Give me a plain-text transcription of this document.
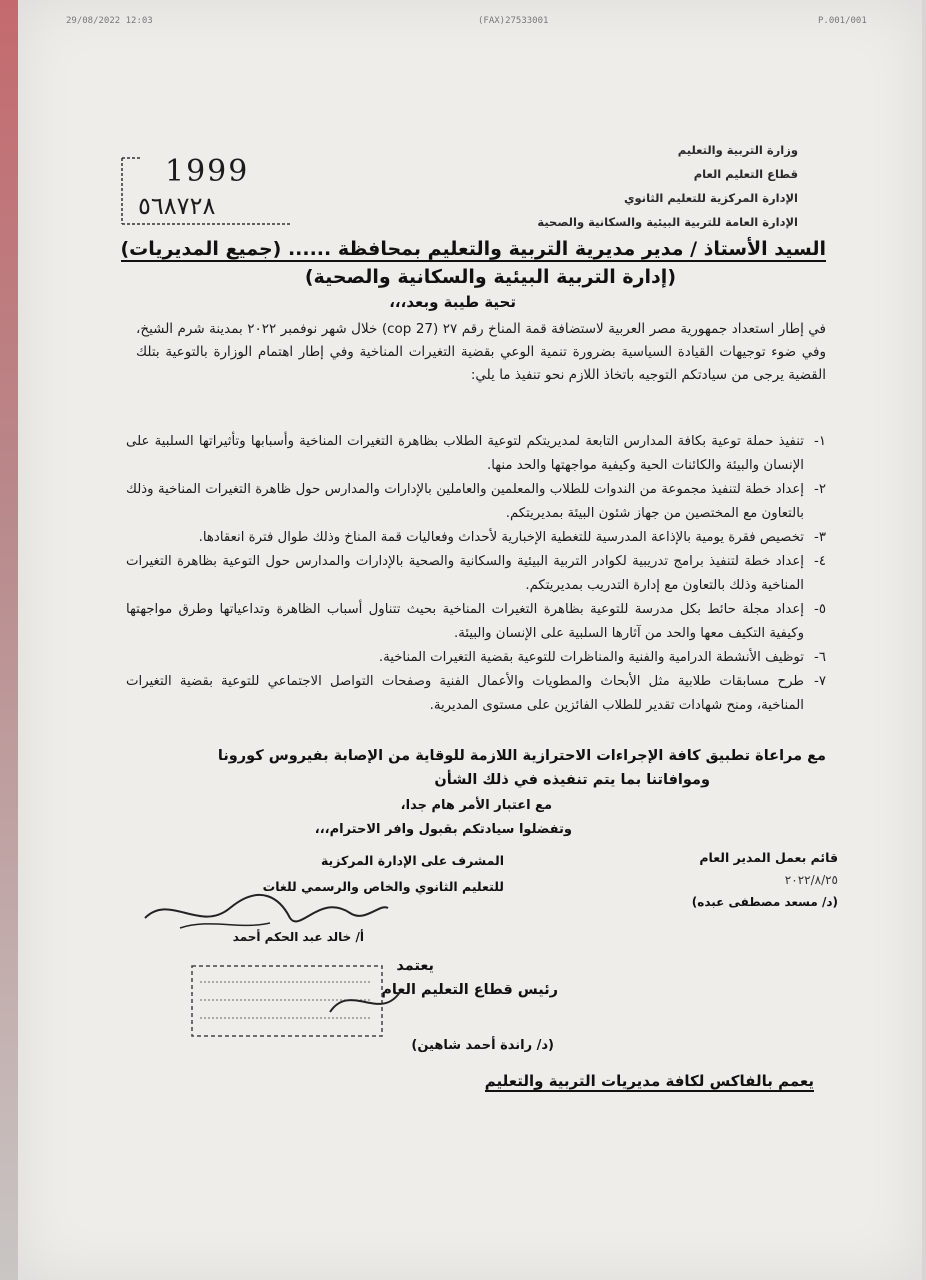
29/08/2022 12:03	(FAX)27533001	P.001/001
وزارة التربية والتعليم
قطاع التعليم العام
الإدارة المركزية للتعليم الثانوي
الإدارة العامة للتربية البيئية والسكانية والصحية
1999
٥٦٨٧٢٨
السيد الأستاذ / مدير مديرية التربية والتعليم بمحافظة ...... (جميع المديريات)
(إدارة التربية البيئية والسكانية والصحية)
تحية طيبة وبعد،،،
في إطار استعداد جمهورية مصر العربية لاستضافة قمة المناخ رقم ٢٧ (cop 27) خلال شهر نوفمبر ٢٠٢٢ بمدينة شرم الشيخ، وفي ضوء توجيهات القيادة السياسية بضرورة تنمية الوعي بقضية التغيرات المناخية وفي إطار اهتمام الوزارة بالتوعية بتلك القضية يرجى من سيادتكم التوجيه باتخاذ اللازم نحو تنفيذ ما يلي:
١-
تنفيذ حملة توعية بكافة المدارس التابعة لمديريتكم لتوعية الطلاب بظاهرة التغيرات المناخية وأسبابها وتأثيراتها السلبية على الإنسان والبيئة والكائنات الحية وكيفية مواجهتها والحد منها.
٢-
إعداد خطة لتنفيذ مجموعة من الندوات للطلاب والمعلمين والعاملين بالإدارات والمدارس حول ظاهرة التغيرات المناخية وذلك بالتعاون مع المختصين من جهاز شئون البيئة بمديريتكم.
٣-
تخصيص فقرة يومية بالإذاعة المدرسية للتغطية الإخبارية لأحداث وفعاليات قمة المناخ وذلك طوال فترة انعقادها.
٤-
إعداد خطة لتنفيذ برامج تدريبية لكوادر التربية البيئية والسكانية والصحية بالإدارات والمدارس حول التوعية بظاهرة التغيرات المناخية وذلك بالتعاون مع إدارة التدريب بمديريتكم.
٥-
إعداد مجلة حائط بكل مدرسة للتوعية بظاهرة التغيرات المناخية بحيث تتناول أسباب الظاهرة وتداعياتها وطرق مواجهتها وكيفية التكيف معها والحد من آثارها السلبية على الإنسان والبيئة.
٦-
توظيف الأنشطة الدرامية والفنية والمناظرات للتوعية بقضية التغيرات المناخية.
٧-
طرح مسابقات طلابية مثل الأبحاث والمطويات والأعمال الفنية وصفحات التواصل الاجتماعي للتوعية بقضية التغيرات المناخية، ومنح شهادات تقدير للطلاب الفائزين على مستوى المديرية.
مع مراعاة تطبيق كافة الإجراءات الاحترازية اللازمة للوقاية من الإصابة بفيروس كورونا
وموافاتنا بما يتم تنفيذه في ذلك الشأن
مع اعتبار الأمر هام جدا،
وتفضلوا سيادتكم بقبول وافر الاحترام،،،
المشرف على الإدارة المركزية
للتعليم الثانوي والخاص والرسمي للغات
أ/ خالد عبد الحكم أحمد
قائم بعمل المدير العام
٢٠٢٢/٨/٢٥
(د/ مسعد مصطفى عبده)
يعتمد
رئيس قطاع التعليم العام
(د/ راندة أحمد شاهين)
يعمم بالفاكس لكافة مديريات التربية والتعليم
